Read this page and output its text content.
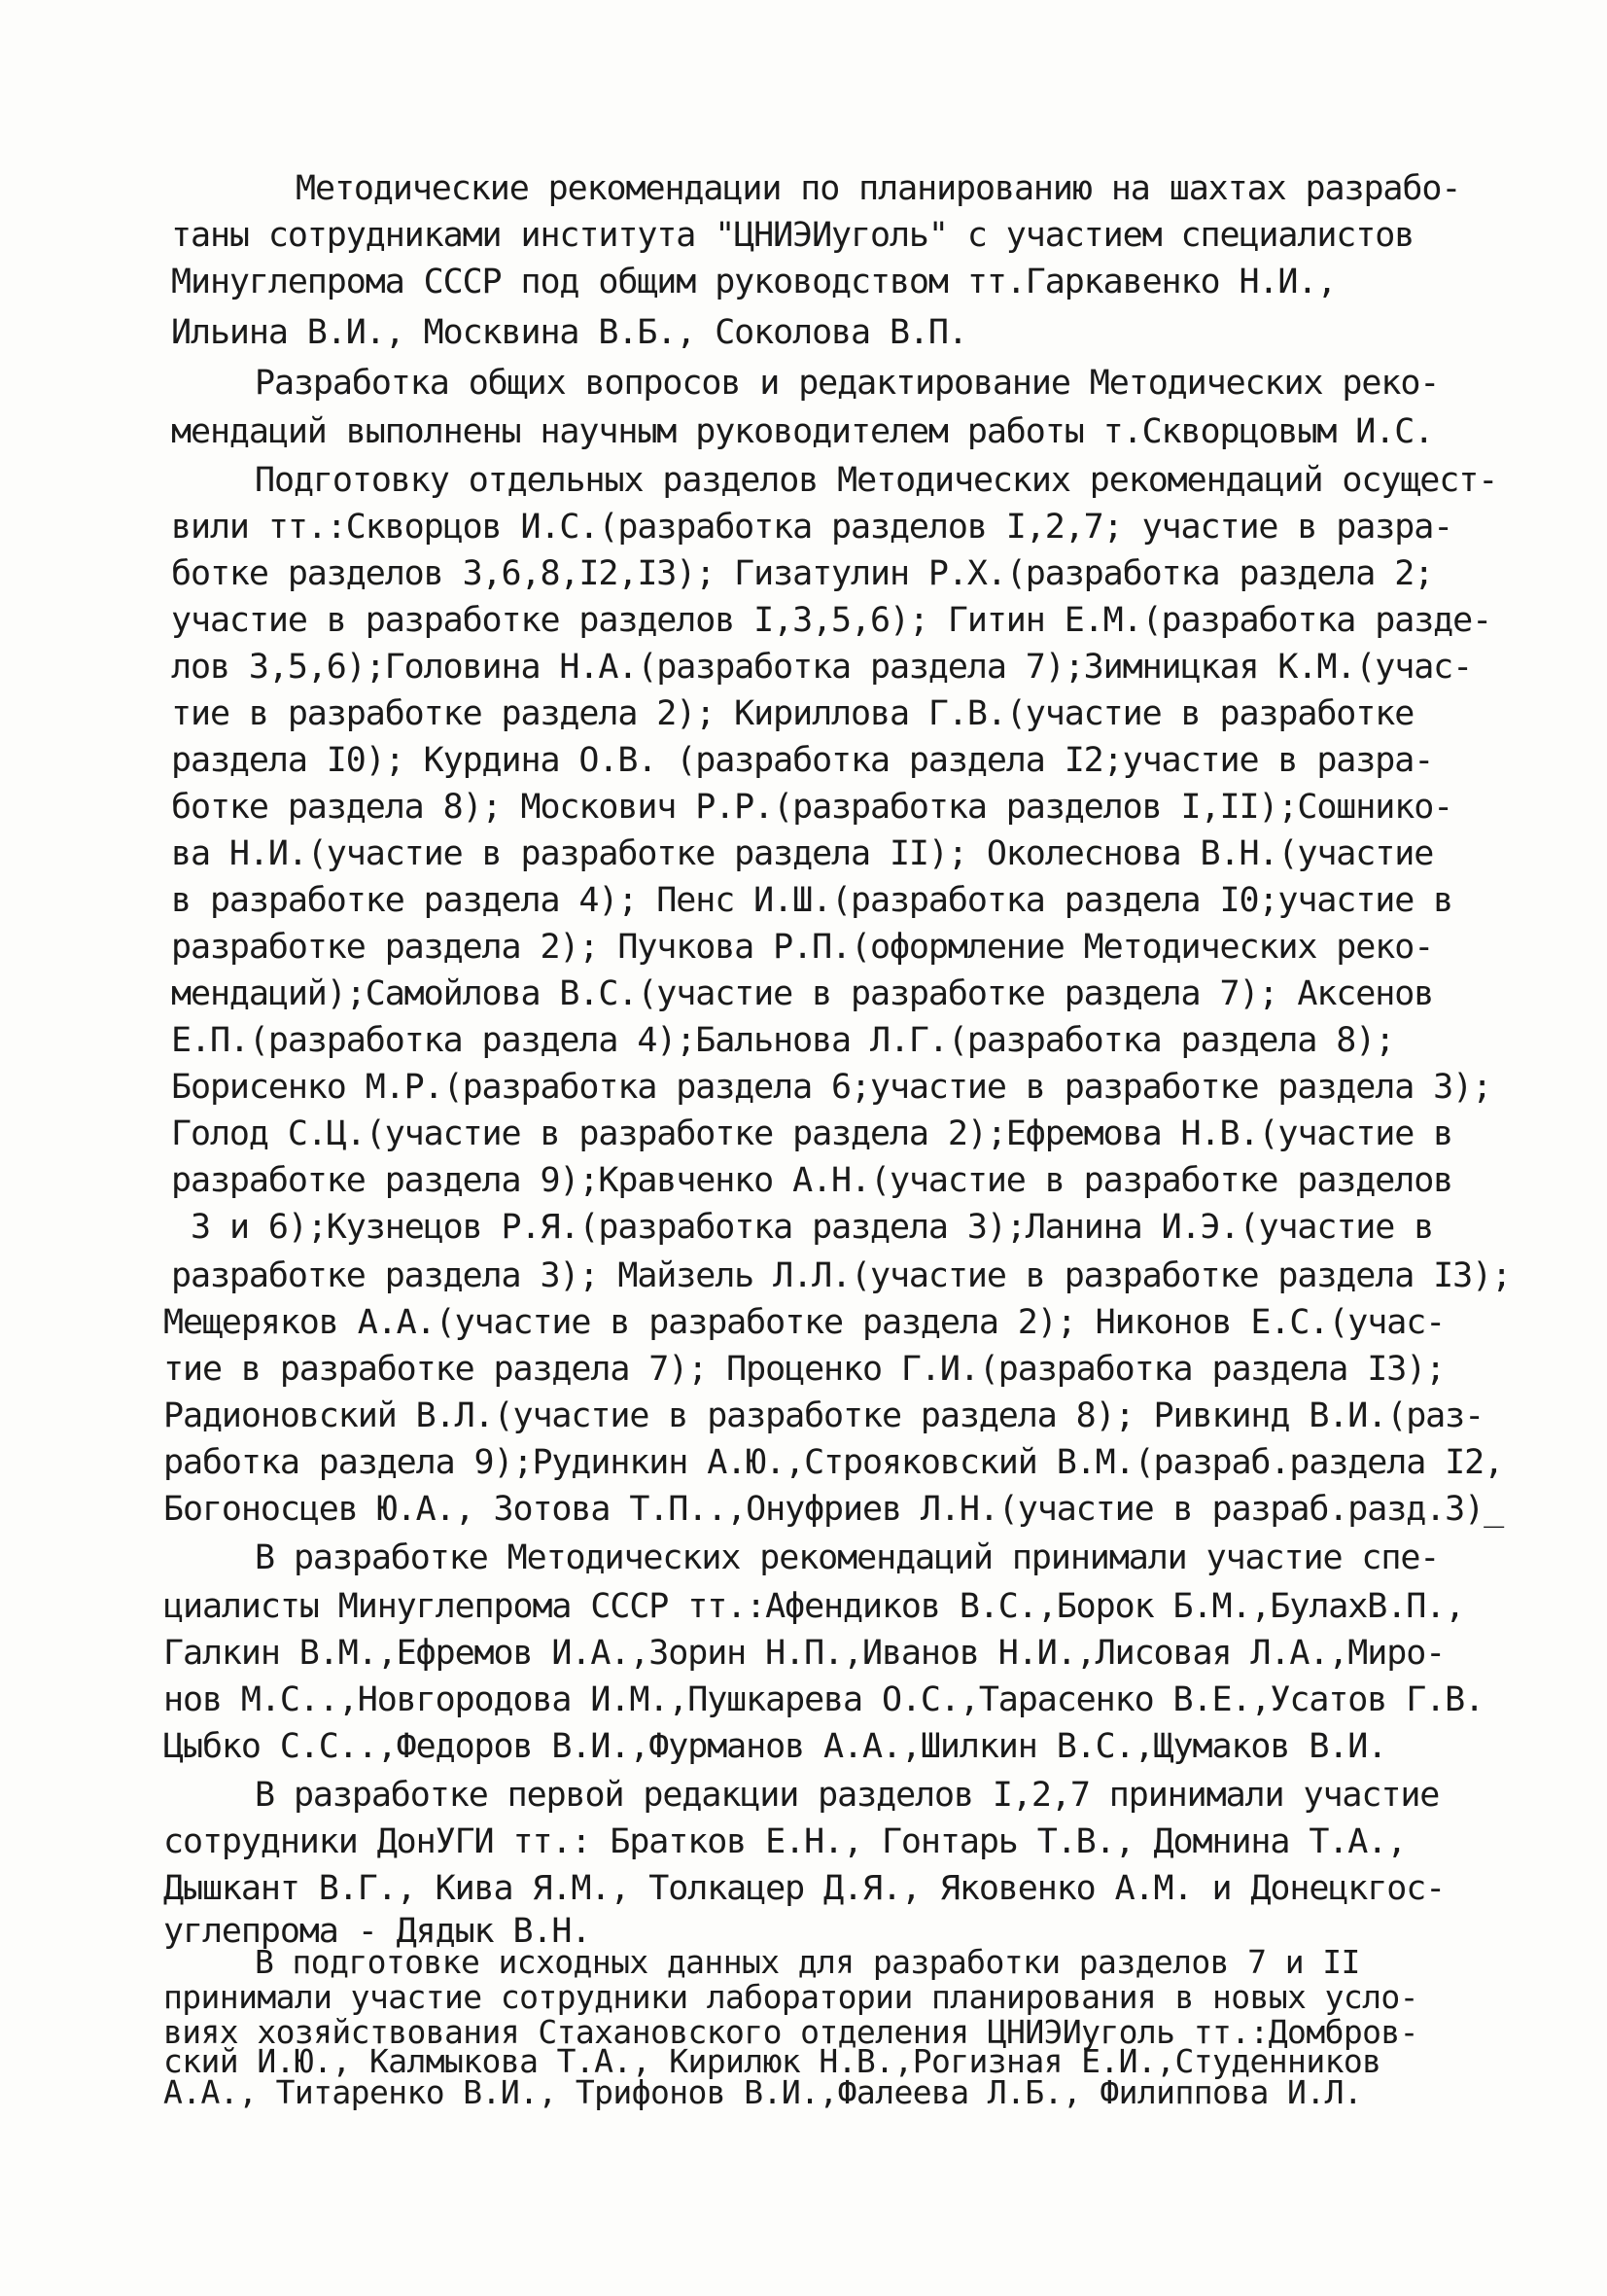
Методические рекомендации по планированию на шахтах разрабо-
таны сотрудниками института "ЦНИЭИуголь" с участием специалистов
Минуглепрома СССР под общим руководством тт.Гаркавенко Н.И.,
Ильина В.И., Москвина В.Б., Соколова В.П.
Разработка общих вопросов и редактирование Методических реко-
мендаций выполнены научным руководителем работы т.Скворцовым И.С.
Подготовку отдельных разделов Методических рекомендаций осущест-
вили тт.:Скворцов И.С.(разработка разделов I,2,7; участие в разра-
ботке разделов 3,6,8,I2,I3); Гизатулин Р.Х.(разработка раздела 2;
участие в разработке разделов I,3,5,6); Гитин Е.М.(разработка разде-
лов 3,5,6);Головина Н.А.(разработка раздела 7);Зимницкая К.М.(учас-
тие в разработке раздела 2); Кириллова Г.В.(участие в разработке
раздела I0); Курдина О.В. (разработка раздела I2;участие в разра-
ботке раздела 8); Москович Р.Р.(разработка разделов I,II);Сошнико-
ва Н.И.(участие в разработке раздела II); Околеснова В.Н.(участие
в разработке раздела 4); Пенс И.Ш.(разработка раздела I0;участие в
разработке раздела 2); Пучкова Р.П.(оформление Методических реко-
мендаций);Самойлова В.С.(участие в разработке раздела 7); Аксенов
Е.П.(разработка раздела 4);Бальнова Л.Г.(разработка раздела 8);
Борисенко М.Р.(разработка раздела 6;участие в разработке раздела 3);
Голод С.Ц.(участие в разработке раздела 2);Ефремова Н.В.(участие в
разработке раздела 9);Кравченко А.Н.(участие в разработке разделов
3 и 6);Кузнецов Р.Я.(разработка раздела 3);Ланина И.Э.(участие в
разработке раздела 3); Майзель Л.Л.(участие в разработке раздела I3);
Мещеряков А.А.(участие в разработке раздела 2); Никонов Е.С.(учас-
тие в разработке раздела 7); Проценко Г.И.(разработка раздела I3);
Радионовский В.Л.(участие в разработке раздела 8); Ривкинд В.И.(раз-
работка раздела 9);Рудинкин А.Ю.,Строяковский В.М.(разраб.раздела I2,
Богоносцев Ю.А., Зотова Т.П..,Онуфриев Л.Н.(участие в разраб.разд.3)_
В разработке Методических рекомендаций принимали участие спе-
циалисты Минуглепрома СССР тт.:Афендиков В.С.,Борок Б.М.,БулахВ.П.,
Галкин В.М.,Ефремов И.А.,Зорин Н.П.,Иванов Н.И.,Лисовая Л.А.,Миро-
нов М.С..,Новгородова И.М.,Пушкарева О.С.,Тарасенко В.Е.,Усатов Г.В.
Цыбко С.С..,Федоров В.И.,Фурманов А.А.,Шилкин В.С.,Щумаков В.И.
В разработке первой редакции разделов I,2,7 принимали участие
сотрудники ДонУГИ тт.: Братков Е.Н., Гонтарь Т.В., Домнина Т.А.,
Дышкант В.Г., Кива Я.М., Толкацер Д.Я., Яковенко А.М. и Донецкгос-
углепрома - Дядык В.Н.
В подготовке исходных данных для разработки разделов 7 и II
принимали участие сотрудники лаборатории планирования в новых усло-
виях хозяйствования Стахановского отделения ЦНИЭИуголь тт.:Домбров-
ский И.Ю., Калмыкова Т.А., Кирилюк Н.В.,Рогизная Е.И.,Студенников
А.А., Титаренко В.И., Трифонов В.И.,Фалеева Л.Б., Филиппова И.Л.
